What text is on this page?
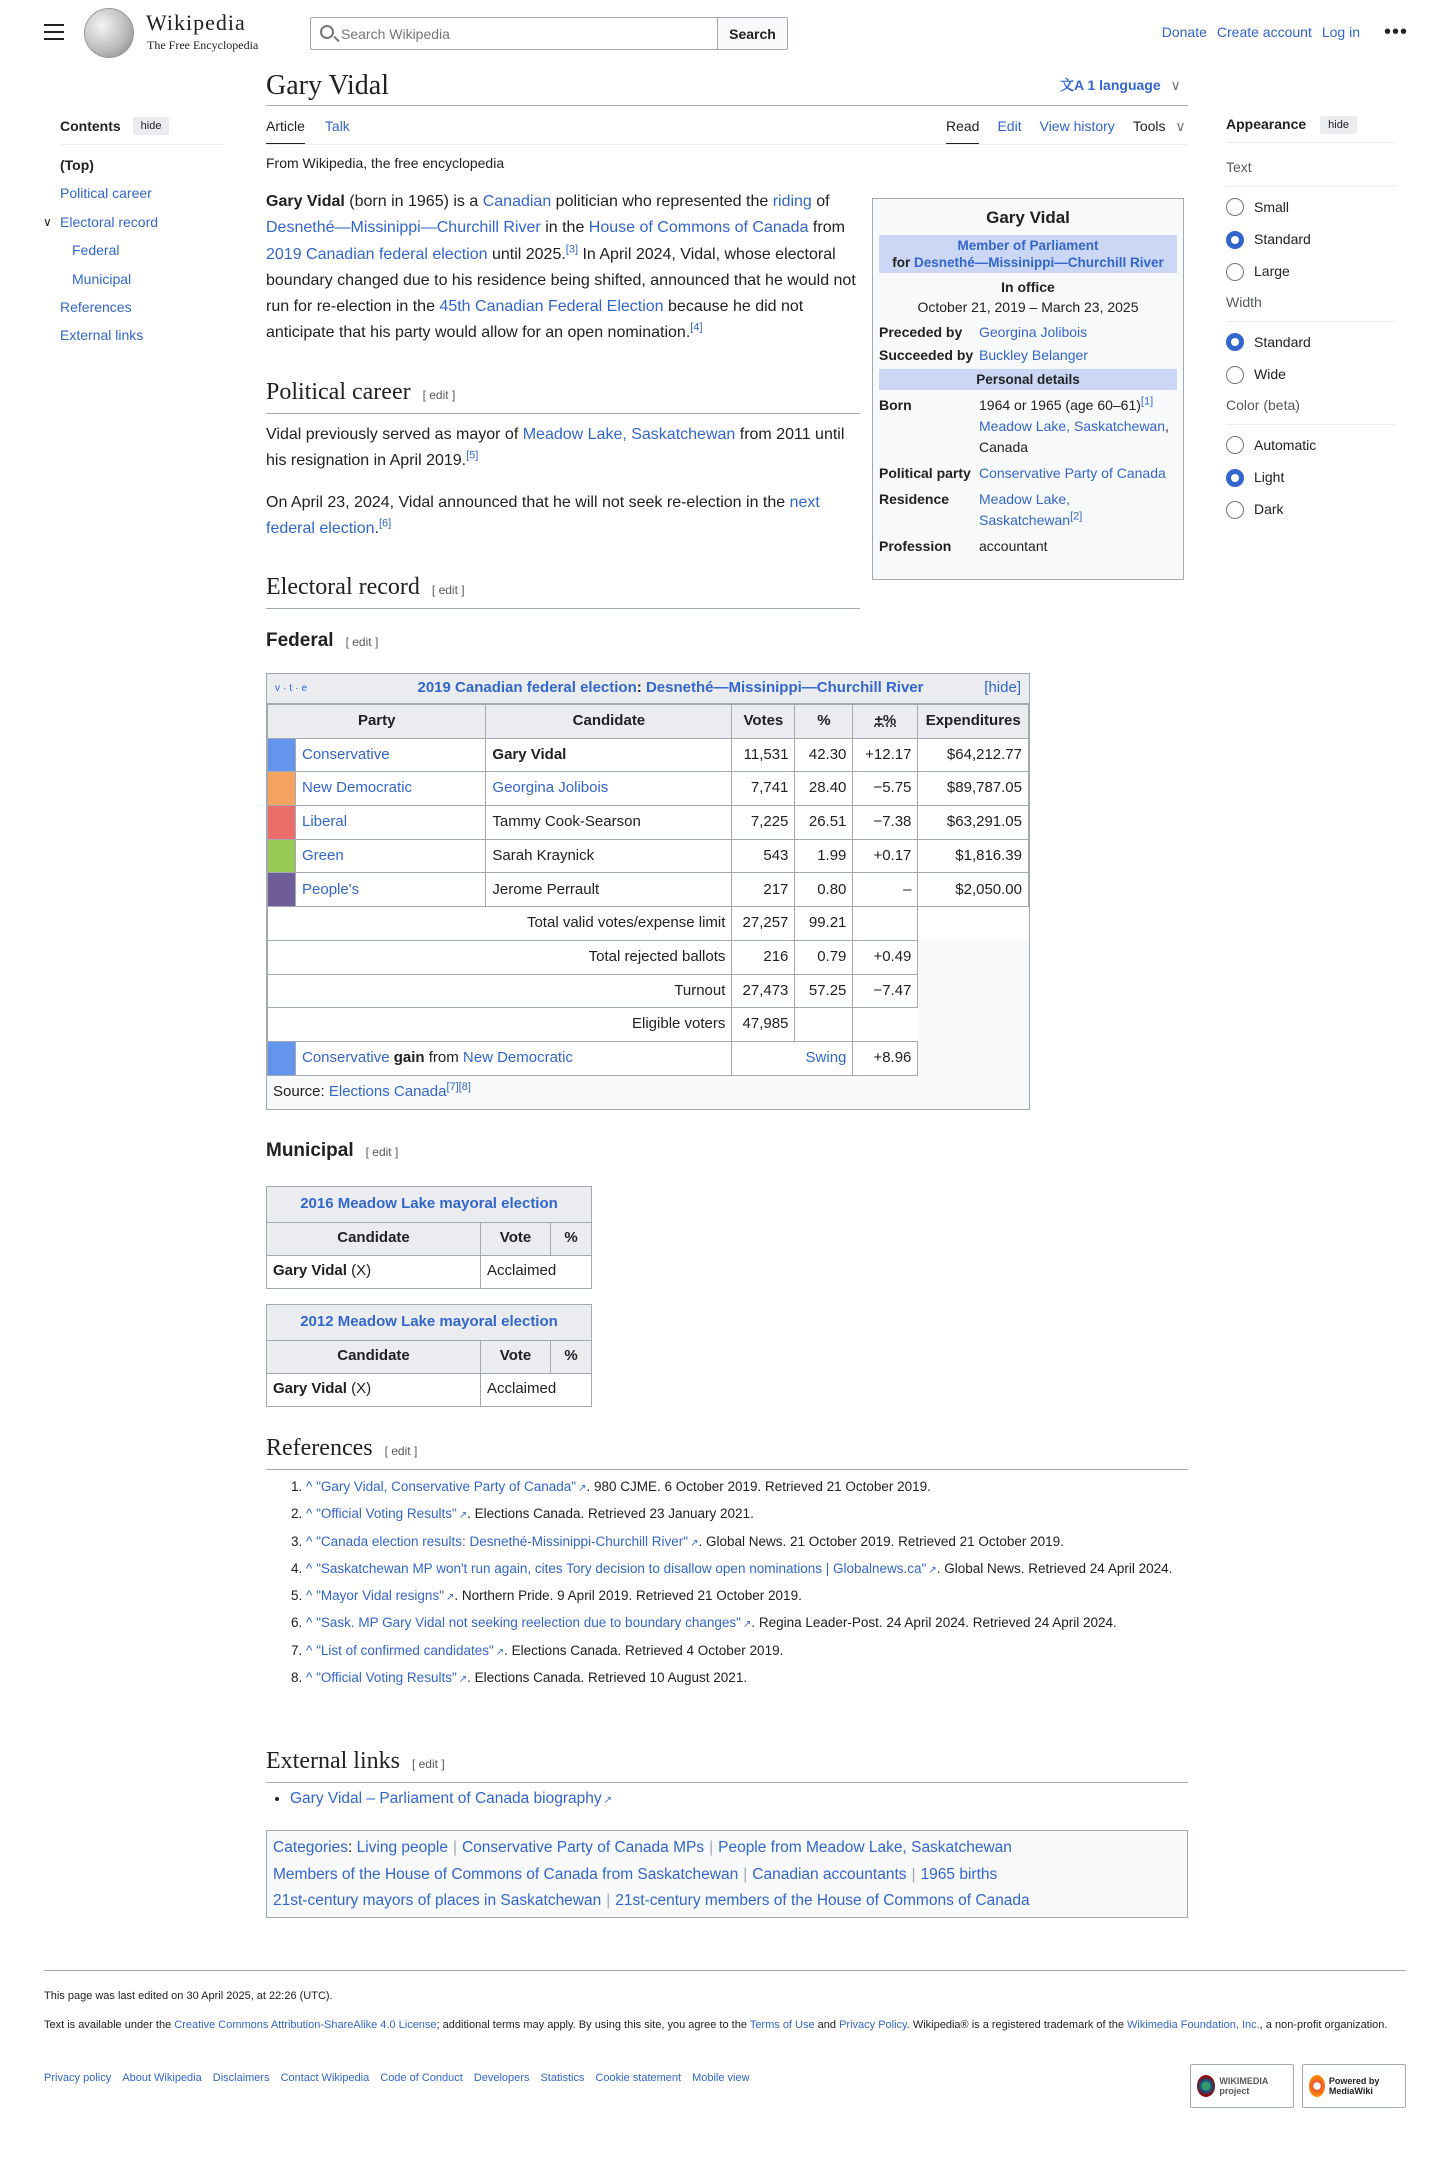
Wikipedia
The Free Encyclopedia
Search Wikipedia
Search	Donate Create account Log in •••
Contents	hide
(Top)
Political career
∨ Electoral record
Federal
Municipal
References
External links
Gary Vidal	文A 1 language ∨
Article Talk	Read Edit View history Tools ∨
From Wikipedia, the free encyclopedia
Gary Vidal (born in 1965) is a Canadian politician who represented the riding of Desnethé—Missinippi—Churchill River in the House of Commons of Canada from 2019 Canadian federal election until 2025.[3] In April 2024, Vidal, whose electoral boundary changed due to his residence being shifted, announced that he would not run for re-election in the 45th Canadian Federal Election because he did not anticipate that his party would allow for an open nomination.[4]
Political career [ edit ]
Vidal previously served as mayor of Meadow Lake, Saskatchewan from 2011 until his resignation in April 2019.[5]
On April 23, 2024, Vidal announced that he will not seek re-election in the next federal election.[6]
Gary Vidal
Member of Parliament
for Desnethé—Missinippi—Churchill River
In office
October 21, 2019 – March 23, 2025
Preceded by	Georgina Jolibois
Succeeded by Buckley Belanger
Personal details
Born	1964 or 1965 (age 60–61)[1]
Meadow Lake, Saskatchewan, Canada
Political party Conservative Party of Canada
Residence	Meadow Lake, Saskatchewan[2]
Profession	accountant
Electoral record [ edit ]
Federal [ edit ]
v·t·e	2019 Canadian federal election: Desnethé—Missinippi—Churchill River	[hide]
Party		Candidate	Votes	%	±%	Expenditures
	Conservative	Gary Vidal	11,531	42.30	+12.17	$64,212.77
	New Democratic	Georgina Jolibois	7,741	28.40	−5.75	$89,787.05
	Liberal	Tammy Cook-Searson	7,225	26.51	−7.38	$63,291.05
	Green	Sarah Kraynick	543	1.99	+0.17	$1,816.39
	People's	Jerome Perrault	217	0.80	–	$2,050.00
Total valid votes/expense limit			27,257	99.21		
Total rejected ballots			216	0.79	+0.49	
Turnout			27,473	57.25	−7.47	
Eligible voters			47,985			
	Conservative gain from New Democratic		Swing		+8.96	
Source: Elections Canada[7][8]
Municipal [ edit ]
2016 Meadow Lake mayoral election
Candidate	Vote	%
Gary Vidal (X)	Acclaimed	
2012 Meadow Lake mayoral election
Candidate	Vote	%
Gary Vidal (X)	Acclaimed	
References [ edit ]
1. ^ "Gary Vidal, Conservative Party of Canada" ↗ . 980 CJME. 6 October 2019. Retrieved 21 October 2019.
2. ^ "Official Voting Results" ↗ . Elections Canada. Retrieved 23 January 2021.
3. ^ "Canada election results: Desnethé-Missinippi-Churchill River" ↗ . Global News. 21 October 2019. Retrieved 21 October 2019.
4. ^ "Saskatchewan MP won't run again, cites Tory decision to disallow open nominations | Globalnews.ca" ↗ . Global News. Retrieved 24 April 2024.
5. ^ "Mayor Vidal resigns" ↗ . Northern Pride. 9 April 2019. Retrieved 21 October 2019.
6. ^ "Sask. MP Gary Vidal not seeking reelection due to boundary changes" ↗ . Regina Leader-Post. 24 April 2024. Retrieved 24 April 2024.
7. ^ "List of confirmed candidates" ↗ . Elections Canada. Retrieved 4 October 2019.
8. ^ "Official Voting Results" ↗ . Elections Canada. Retrieved 10 August 2021.
External links [ edit ]
• Gary Vidal – Parliament of Canada biography ↗
Categories: Living people | Conservative Party of Canada MPs | People from Meadow Lake, Saskatchewan
Members of the House of Commons of Canada from Saskatchewan | Canadian accountants | 1965 births
21st-century mayors of places in Saskatchewan | 21st-century members of the House of Commons of Canada
Appearance	hide
Text
Small
Standard
Large
Width
Standard
Wide
Color (beta)
Automatic
Light
Dark
This page was last edited on 30 April 2025, at 22:26 (UTC).
Text is available under the Creative Commons Attribution-ShareAlike 4.0 License; additional terms may apply. By using this site, you agree to the Terms of Use and Privacy Policy. Wikipedia® is a registered trademark of the Wikimedia Foundation, Inc., a non-profit organization.
Privacy policy About Wikipedia Disclaimers Contact Wikipedia Code of Conduct Developers Statistics Cookie statement Mobile view	WIKIMEDIA project
Powered by MediaWiki
